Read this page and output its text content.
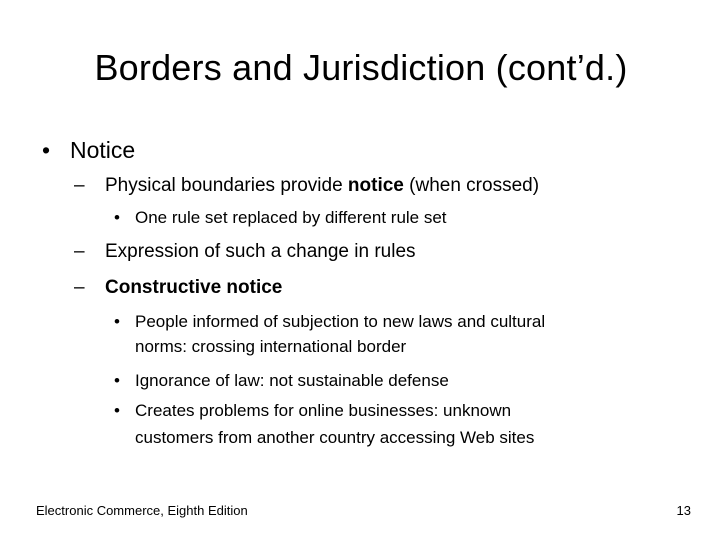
Borders and Jurisdiction (cont’d.)
• Notice
– Physical boundaries provide notice (when crossed)
• One rule set replaced by different rule set
– Expression of such a change in rules
– Constructive notice
• People informed of subjection to new laws and cultural
norms: crossing international border
• Ignorance of law: not sustainable defense
• Creates problems for online businesses: unknown
customers from another country accessing Web sites
Electronic Commerce, Eighth Edition	13
